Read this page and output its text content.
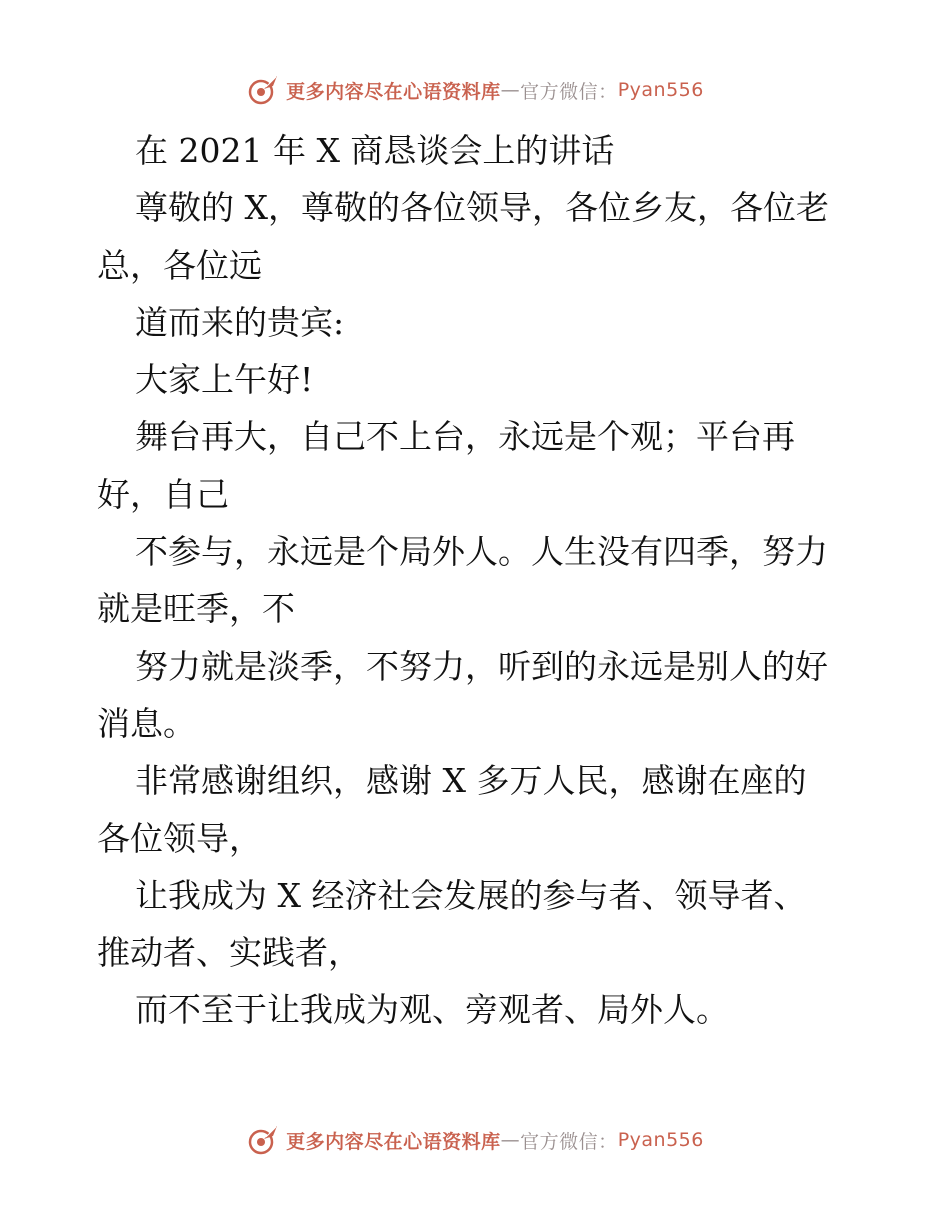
更多内容尽在心语资料库 — 官方微信： Pyan556
在 2021 年 X 商恳谈会上的讲话
尊敬的 X，尊敬的各位领导，各位乡友，各位老
总，各位远
道而来的贵宾:
大家上午好!
舞台再大，自己不上台，永远是个观；平台再
好，自己
不参与，永远是个局外人。人生没有四季，努力
就是旺季，不
努力就是淡季，不努力，听到的永远是别人的好
消息。
非常感谢组织，感谢 X 多万人民，感谢在座的
各位领导，
让我成为 X 经济社会发展的参与者、领导者、
推动者、实践者，
而不至于让我成为观、旁观者、局外人。
更多内容尽在心语资料库 — 官方微信： Pyan556
